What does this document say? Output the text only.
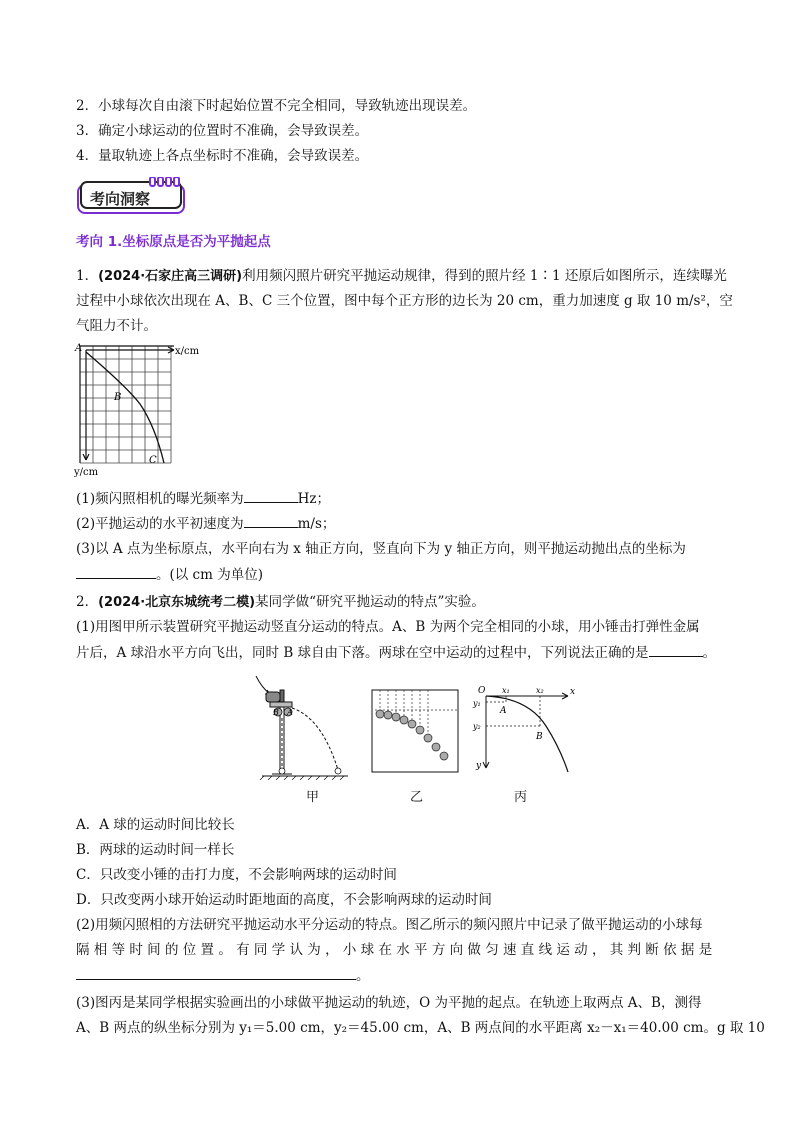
2．小球每次自由滚下时起始位置不完全相同，导致轨迹出现误差。
3．确定小球运动的位置时不准确，会导致误差。
4．量取轨迹上各点坐标时不准确，会导致误差。
考向洞察
考向 1.坐标原点是否为平抛起点
1．(2024·石家庄高三调研)利用频闪照片研究平抛运动规律，得到的照片经 1∶1 还原后如图所示，连续曝光
过程中小球依次出现在 A、B、C 三个位置，图中每个正方形的边长为 20 cm，重力加速度 g 取 10 m/s²，空
气阻力不计。
A
B
C
x/cm
y/cm
(1)频闪照相机的曝光频率为	Hz；
(2)平抛运动的水平初速度为	m/s；
(3)以 A 点为坐标原点，水平向右为 x 轴正方向，竖直向下为 y 轴正方向，则平抛运动抛出点的坐标为
。(以 cm 为单位)
2．(2024·北京东城统考二模)某同学做“研究平抛运动的特点”实验。
(1)用图甲所示装置研究平抛运动竖直分运动的特点。A、B 为两个完全相同的小球，用小锤击打弹性金属
片后，A 球沿水平方向飞出，同时 B 球自由下落。两球在空中运动的过程中，下列说法正确的是	。
B A
O	x
y
x₁	x₂
y₁
y₂
A
B
甲	乙	丙
A．A 球的运动时间比较长
B．两球的运动时间一样长
C．只改变小锤的击打力度，不会影响两球的运动时间
D．只改变两小球开始运动时距地面的高度，不会影响两球的运动时间
(2)用频闪照相的方法研究平抛运动水平分运动的特点。图乙所示的频闪照片中记录了做平抛运动的小球每
隔 相 等 时 间 的 位 置 。 有 同 学 认 为 ， 小 球 在 水 平 方 向 做 匀 速 直 线 运 动 ， 其 判 断 依 据 是
。
(3)图丙是某同学根据实验画出的小球做平抛运动的轨迹，O 为平抛的起点。在轨迹上取两点 A、B，测得
A、B 两点的纵坐标分别为 y₁＝5.00 cm，y₂＝45.00 cm，A、B 两点间的水平距离 x₂－x₁＝40.00 cm。g 取 10
